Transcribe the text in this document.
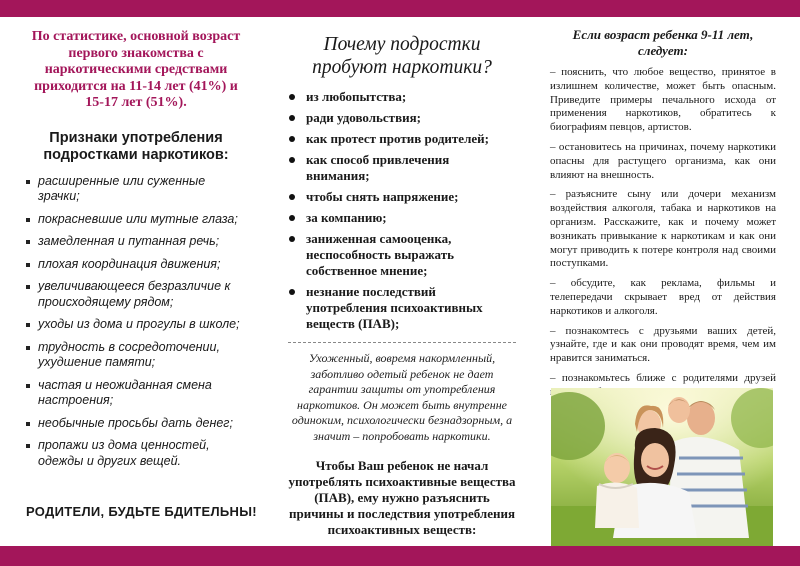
По статистике, основной возраст первого знакомства с наркотическими средствами приходится на 11-14 лет (41%) и 15-17 лет (51%).

Признаки употребления подростками наркотиков:

расширенные или суженные зрачки;
покрасневшие или мутные глаза;
замедленная и путанная речь;
плохая координация движения;
увеличивающееся безразличие к происходящему рядом;
уходы из дома и прогулы в школе;
трудность в сосредоточении, ухудшение памяти;
частая и неожиданная смена настроения;
необычные просьбы дать денег;
пропажи из дома ценностей, одежды и других вещей.
РОДИТЕЛИ, БУДЬТЕ БДИТЕЛЬНЫ!

Почему подростки пробуют наркотики?

из любопытства;
ради удовольствия;
как протест против родителей;
как способ привлечения внимания;
чтобы снять напряжение;
за компанию;
заниженная самооценка, неспособность выражать собственное мнение;
незнание последствий употребления психоактивных веществ (ПАВ);

Ухоженный, вовремя накормленный, заботливо одетый ребенок не дает гарантии защиты от употребления наркотиков. Он может быть внутренне одиноким, психологически безнадзорным, а значит – попробовать наркотики.

Чтобы Ваш ребенок не начал употреблять психоактивные вещества (ПАВ), ему нужно разъяснить причины и последствия употребления психоактивных веществ:

Если возраст ребенка 9-11 лет, следует:

– пояснить, что любое вещество, принятое в излишнем количестве, может быть опасным. Приведите примеры печального исхода от применения наркотиков, обратитесь к биографиям певцов, артистов.

– остановитесь на причинах, почему наркотики опасны для растущего организма, как они влияют на внешность.

– разъясните сыну или дочери механизм воздействия алкоголя, табака и наркотиков на организм. Расскажите, как и почему может возникать привыкание к наркотикам и как они могут приводить к потере контроля над своими поступками.

– обсудите, как реклама, фильмы и телепередачи скрывает вред от действия наркотиков и алкоголя.

– познакомтесь с друзьями ваших детей, узнайте, где и как они проводят время, чем им нравится заниматься.

– познакомьтесь ближе с родителями друзей
